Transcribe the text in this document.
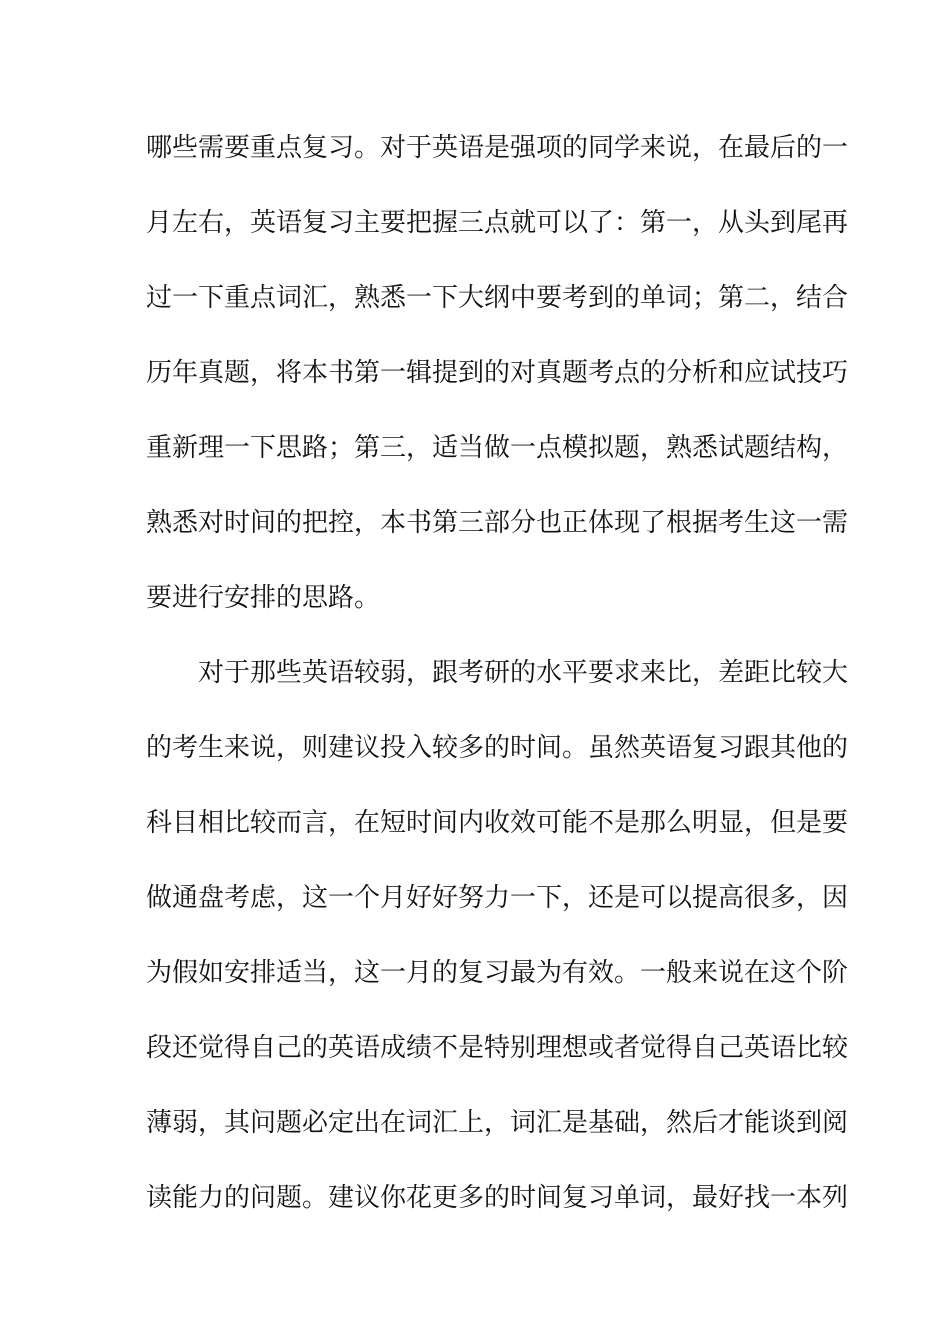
哪些需要重点复习。对于英语是强项的同学来说，在最后的一
月左右，英语复习主要把握三点就可以了：第一，从头到尾再
过一下重点词汇，熟悉一下大纲中要考到的单词；第二，结合
历年真题，将本书第一辑提到的对真题考点的分析和应试技巧
重新理一下思路；第三，适当做一点模拟题，熟悉试题结构，
熟悉对时间的把控，本书第三部分也正体现了根据考生这一需
要进行安排的思路。
　　对于那些英语较弱，跟考研的水平要求来比，差距比较大
的考生来说，则建议投入较多的时间。虽然英语复习跟其他的
科目相比较而言，在短时间内收效可能不是那么明显，但是要
做通盘考虑，这一个月好好努力一下，还是可以提高很多，因
为假如安排适当，这一月的复习最为有效。一般来说在这个阶
段还觉得自己的英语成绩不是特别理想或者觉得自己英语比较
薄弱，其问题必定出在词汇上，词汇是基础，然后才能谈到阅
读能力的问题。建议你花更多的时间复习单词，最好找一本列
